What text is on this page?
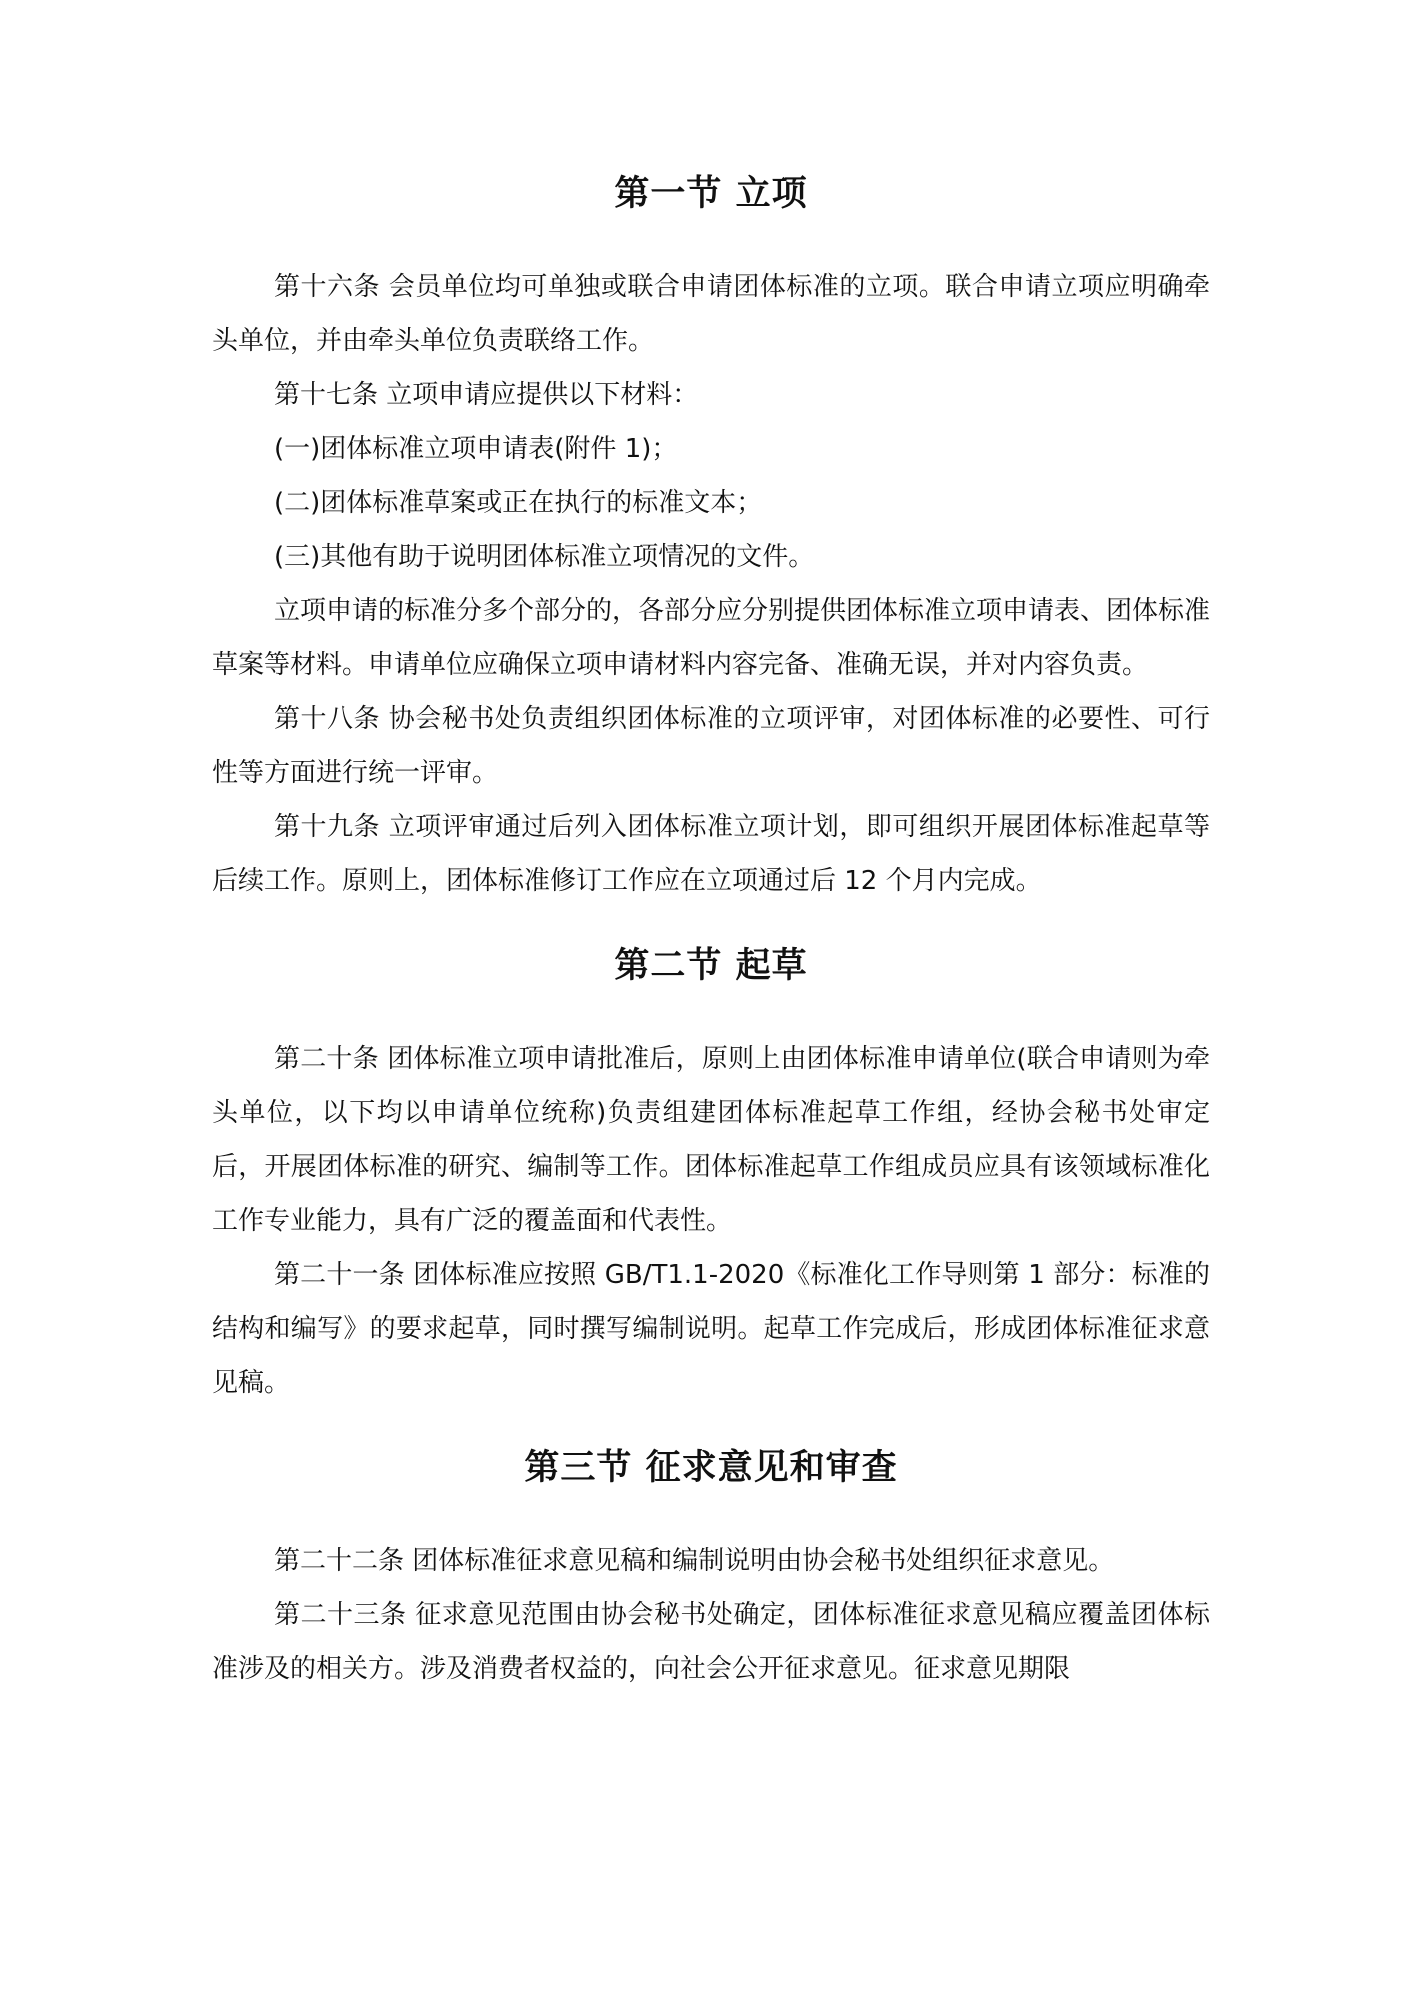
第一节 立项

第十六条 会员单位均可单独或联合申请团体标准的立项。联合申请立项应明确牵头单位，并由牵头单位负责联络工作。

第十七条 立项申请应提供以下材料：

(一)团体标准立项申请表(附件 1)；

(二)团体标准草案或正在执行的标准文本；

(三)其他有助于说明团体标准立项情况的文件。

立项申请的标准分多个部分的，各部分应分别提供团体标准立项申请表、团体标准草案等材料。申请单位应确保立项申请材料内容完备、准确无误，并对内容负责。

第十八条 协会秘书处负责组织团体标准的立项评审，对团体标准的必要性、可行性等方面进行统一评审。

第十九条 立项评审通过后列入团体标准立项计划，即可组织开展团体标准起草等后续工作。原则上，团体标准修订工作应在立项通过后 12 个月内完成。

第二节 起草

第二十条 团体标准立项申请批准后，原则上由团体标准申请单位(联合申请则为牵头单位，以下均以申请单位统称)负责组建团体标准起草工作组，经协会秘书处审定后，开展团体标准的研究、编制等工作。团体标准起草工作组成员应具有该领域标准化工作专业能力，具有广泛的覆盖面和代表性。

第二十一条 团体标准应按照 GB/T1.1-2020《标准化工作导则第 1 部分：标准的结构和编写》的要求起草，同时撰写编制说明。起草工作完成后，形成团体标准征求意见稿。

第三节 征求意见和审查

第二十二条 团体标准征求意见稿和编制说明由协会秘书处组织征求意见。

第二十三条 征求意见范围由协会秘书处确定，团体标准征求意见稿应覆盖团体标准涉及的相关方。涉及消费者权益的，向社会公开征求意见。征求意见期限
